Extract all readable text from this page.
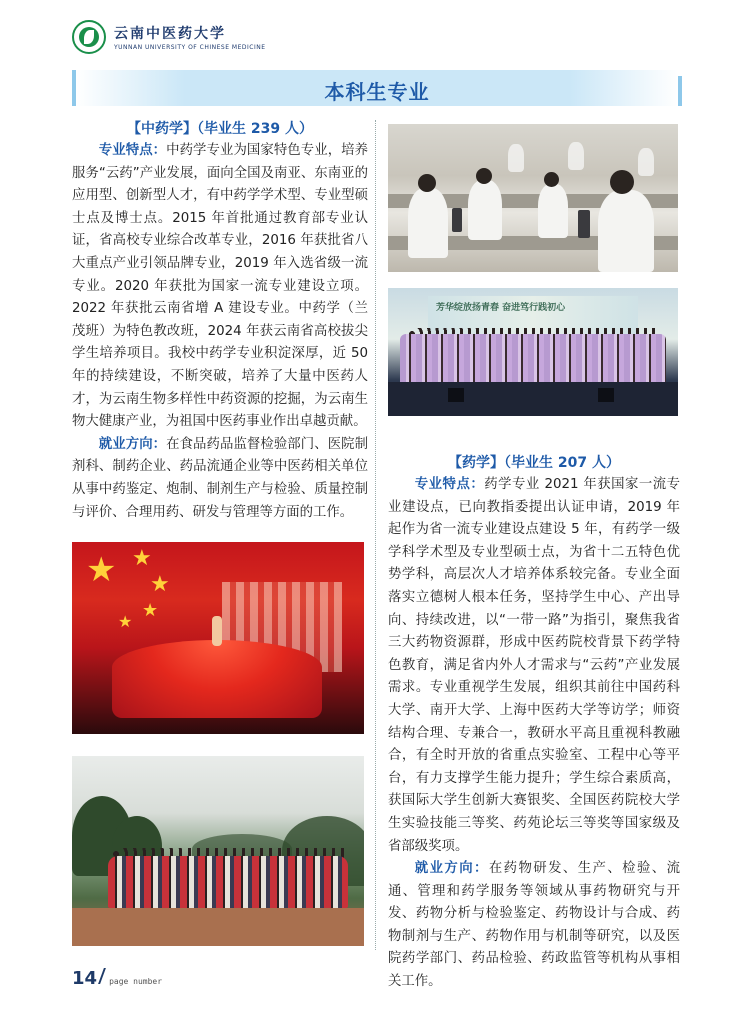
云南中医药大学
YUNNAN UNIVERSITY OF CHINESE MEDICINE
本科生专业
【中药学】（毕业生 239 人）

专业特点：中药学专业为国家特色专业，培养服务“云药”产业发展，面向全国及南亚、东南亚的应用型、创新型人才，有中药学学术型、专业型硕士点及博士点。2015 年首批通过教育部专业认证，省高校专业综合改革专业，2016 年获批省八大重点产业引领品牌专业，2019 年入选省级一流专业。2020 年获批为国家一流专业建设立项。2022 年获批云南省增 A 建设专业。中药学（兰茂班）为特色教改班，2024 年获云南省高校拔尖学生培养项目。我校中药学专业积淀深厚，近 50 年的持续建设，不断突破，培养了大量中医药人才，为云南生物多样性中药资源的挖掘，为云南生物大健康产业，为祖国中医药事业作出卓越贡献。

就业方向：在食品药品监督检验部门、医院制剂科、制药企业、药品流通企业等中医药相关单位从事中药鉴定、炮制、制剂生产与检验、质量控制与评价、合理用药、研发与管理等方面的工作。

芳华绽放扬青春 奋进笃行践初心
【药学】（毕业生 207 人）

专业特点：药学专业 2021 年获国家一流专业建设点，已向教指委提出认证申请，2019 年起作为省一流专业建设点建设 5 年，有药学一级学科学术型及专业型硕士点，为省十二五特色优势学科，高层次人才培养体系较完备。专业全面落实立德树人根本任务，坚持学生中心、产出导向、持续改进，以“一带一路”为指引，聚焦我省三大药物资源群，形成中医药院校背景下药学特色教育，满足省内外人才需求与“云药”产业发展需求。专业重视学生发展，组织其前往中国药科大学、南开大学、上海中医药大学等访学；师资结构合理、专兼合一，教研水平高且重视科教融合，有全时开放的省重点实验室、工程中心等平台，有力支撑学生能力提升；学生综合素质高，获国际大学生创新大赛银奖、全国医药院校大学生实验技能三等奖、药苑论坛三等奖等国家级及省部级奖项。

就业方向：在药物研发、生产、检验、流通、管理和药学服务等领域从事药物研究与开发、药物分析与检验鉴定、药物设计与合成、药物制剂与生产、药物作用与机制等研究，以及医院药学部门、药品检验、药政监管等机构从事相关工作。

★ ★
★
★
★
14 page number
